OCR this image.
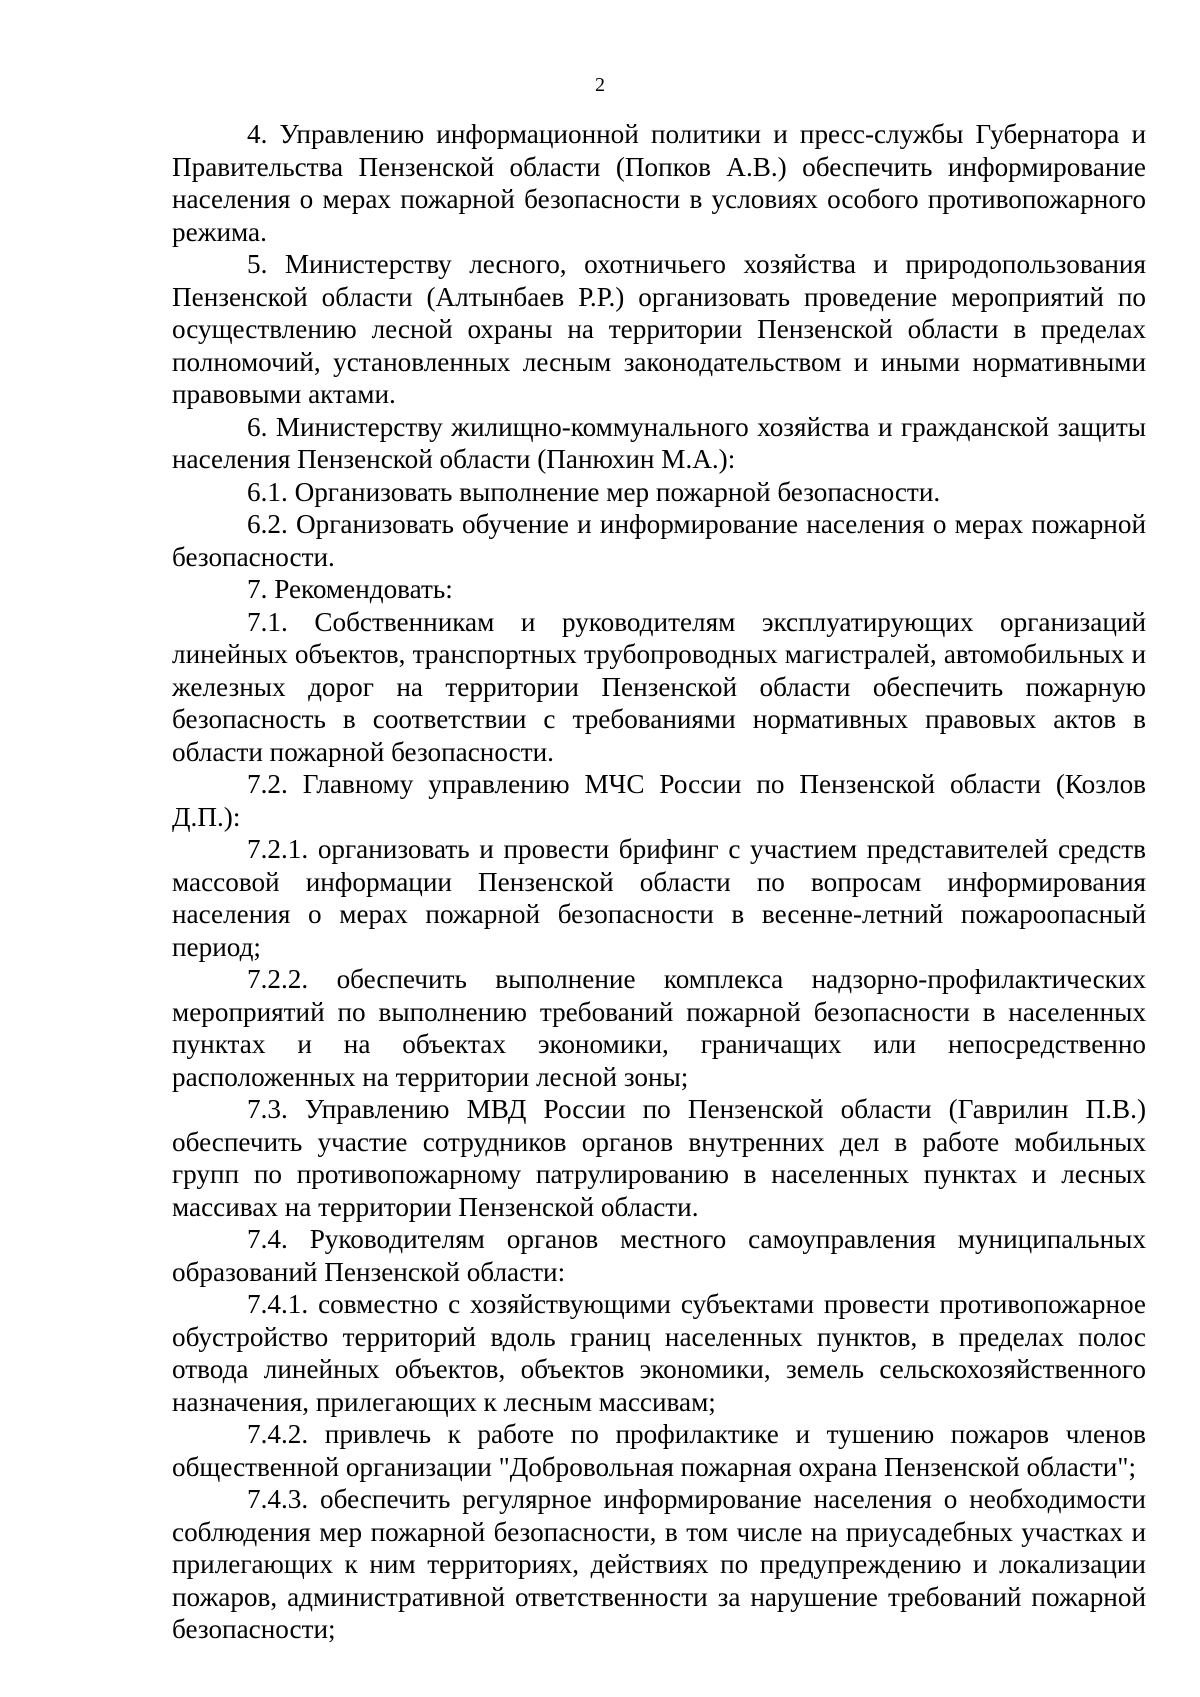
2

4. Управлению информационной политики и пресс-службы Губернатора и Правительства Пензенской области (Попков А.В.) обеспечить информирование населения о мерах пожарной безопасности в условиях особого противопожарного режима.

5. Министерству лесного, охотничьего хозяйства и природопользования Пензенской области (Алтынбаев Р.Р.) организовать проведение мероприятий по осуществлению лесной охраны на территории Пензенской области в пределах полномочий, установленных лесным законодательством и иными нормативными правовыми актами.

6. Министерству жилищно-коммунального хозяйства и гражданской защиты населения Пензенской области (Панюхин М.А.):

6.1. Организовать выполнение мер пожарной безопасности.

6.2. Организовать обучение и информирование населения о мерах пожарной безопасности.

7. Рекомендовать:

7.1. Собственникам и руководителям эксплуатирующих организаций линейных объектов, транспортных трубопроводных магистралей, автомобильных и железных дорог на территории Пензенской области обеспечить пожарную безопасность в соответствии с требованиями нормативных правовых актов в области пожарной безопасности.

7.2. Главному управлению МЧС России по Пензенской области (Козлов Д.П.):

7.2.1. организовать и провести брифинг с участием представителей средств массовой информации Пензенской области по вопросам информирования населения о мерах пожарной безопасности в весенне-летний пожароопасный период;

7.2.2. обеспечить выполнение комплекса надзорно-профилактических мероприятий по выполнению требований пожарной безопасности в населенных пунктах и на объектах экономики, граничащих или непосредственно расположенных на территории лесной зоны;

7.3. Управлению МВД России по Пензенской области (Гаврилин П.В.) обеспечить участие сотрудников органов внутренних дел в работе мобильных групп по противопожарному патрулированию в населенных пунктах и лесных массивах на территории Пензенской области.

7.4. Руководителям органов местного самоуправления муниципальных образований Пензенской области:

7.4.1. совместно с хозяйствующими субъектами провести противопожарное обустройство территорий вдоль границ населенных пунктов, в пределах полос отвода линейных объектов, объектов экономики, земель сельскохозяйственного назначения, прилегающих к лесным массивам;

7.4.2. привлечь к работе по профилактике и тушению пожаров членов общественной организации "Добровольная пожарная охрана Пензенской области";

7.4.3. обеспечить регулярное информирование населения о необходимости соблюдения мер пожарной безопасности, в том числе на приусадебных участках и прилегающих к ним территориях, действиях по предупреждению и локализации пожаров, административной ответственности за нарушение требований пожарной безопасности;
